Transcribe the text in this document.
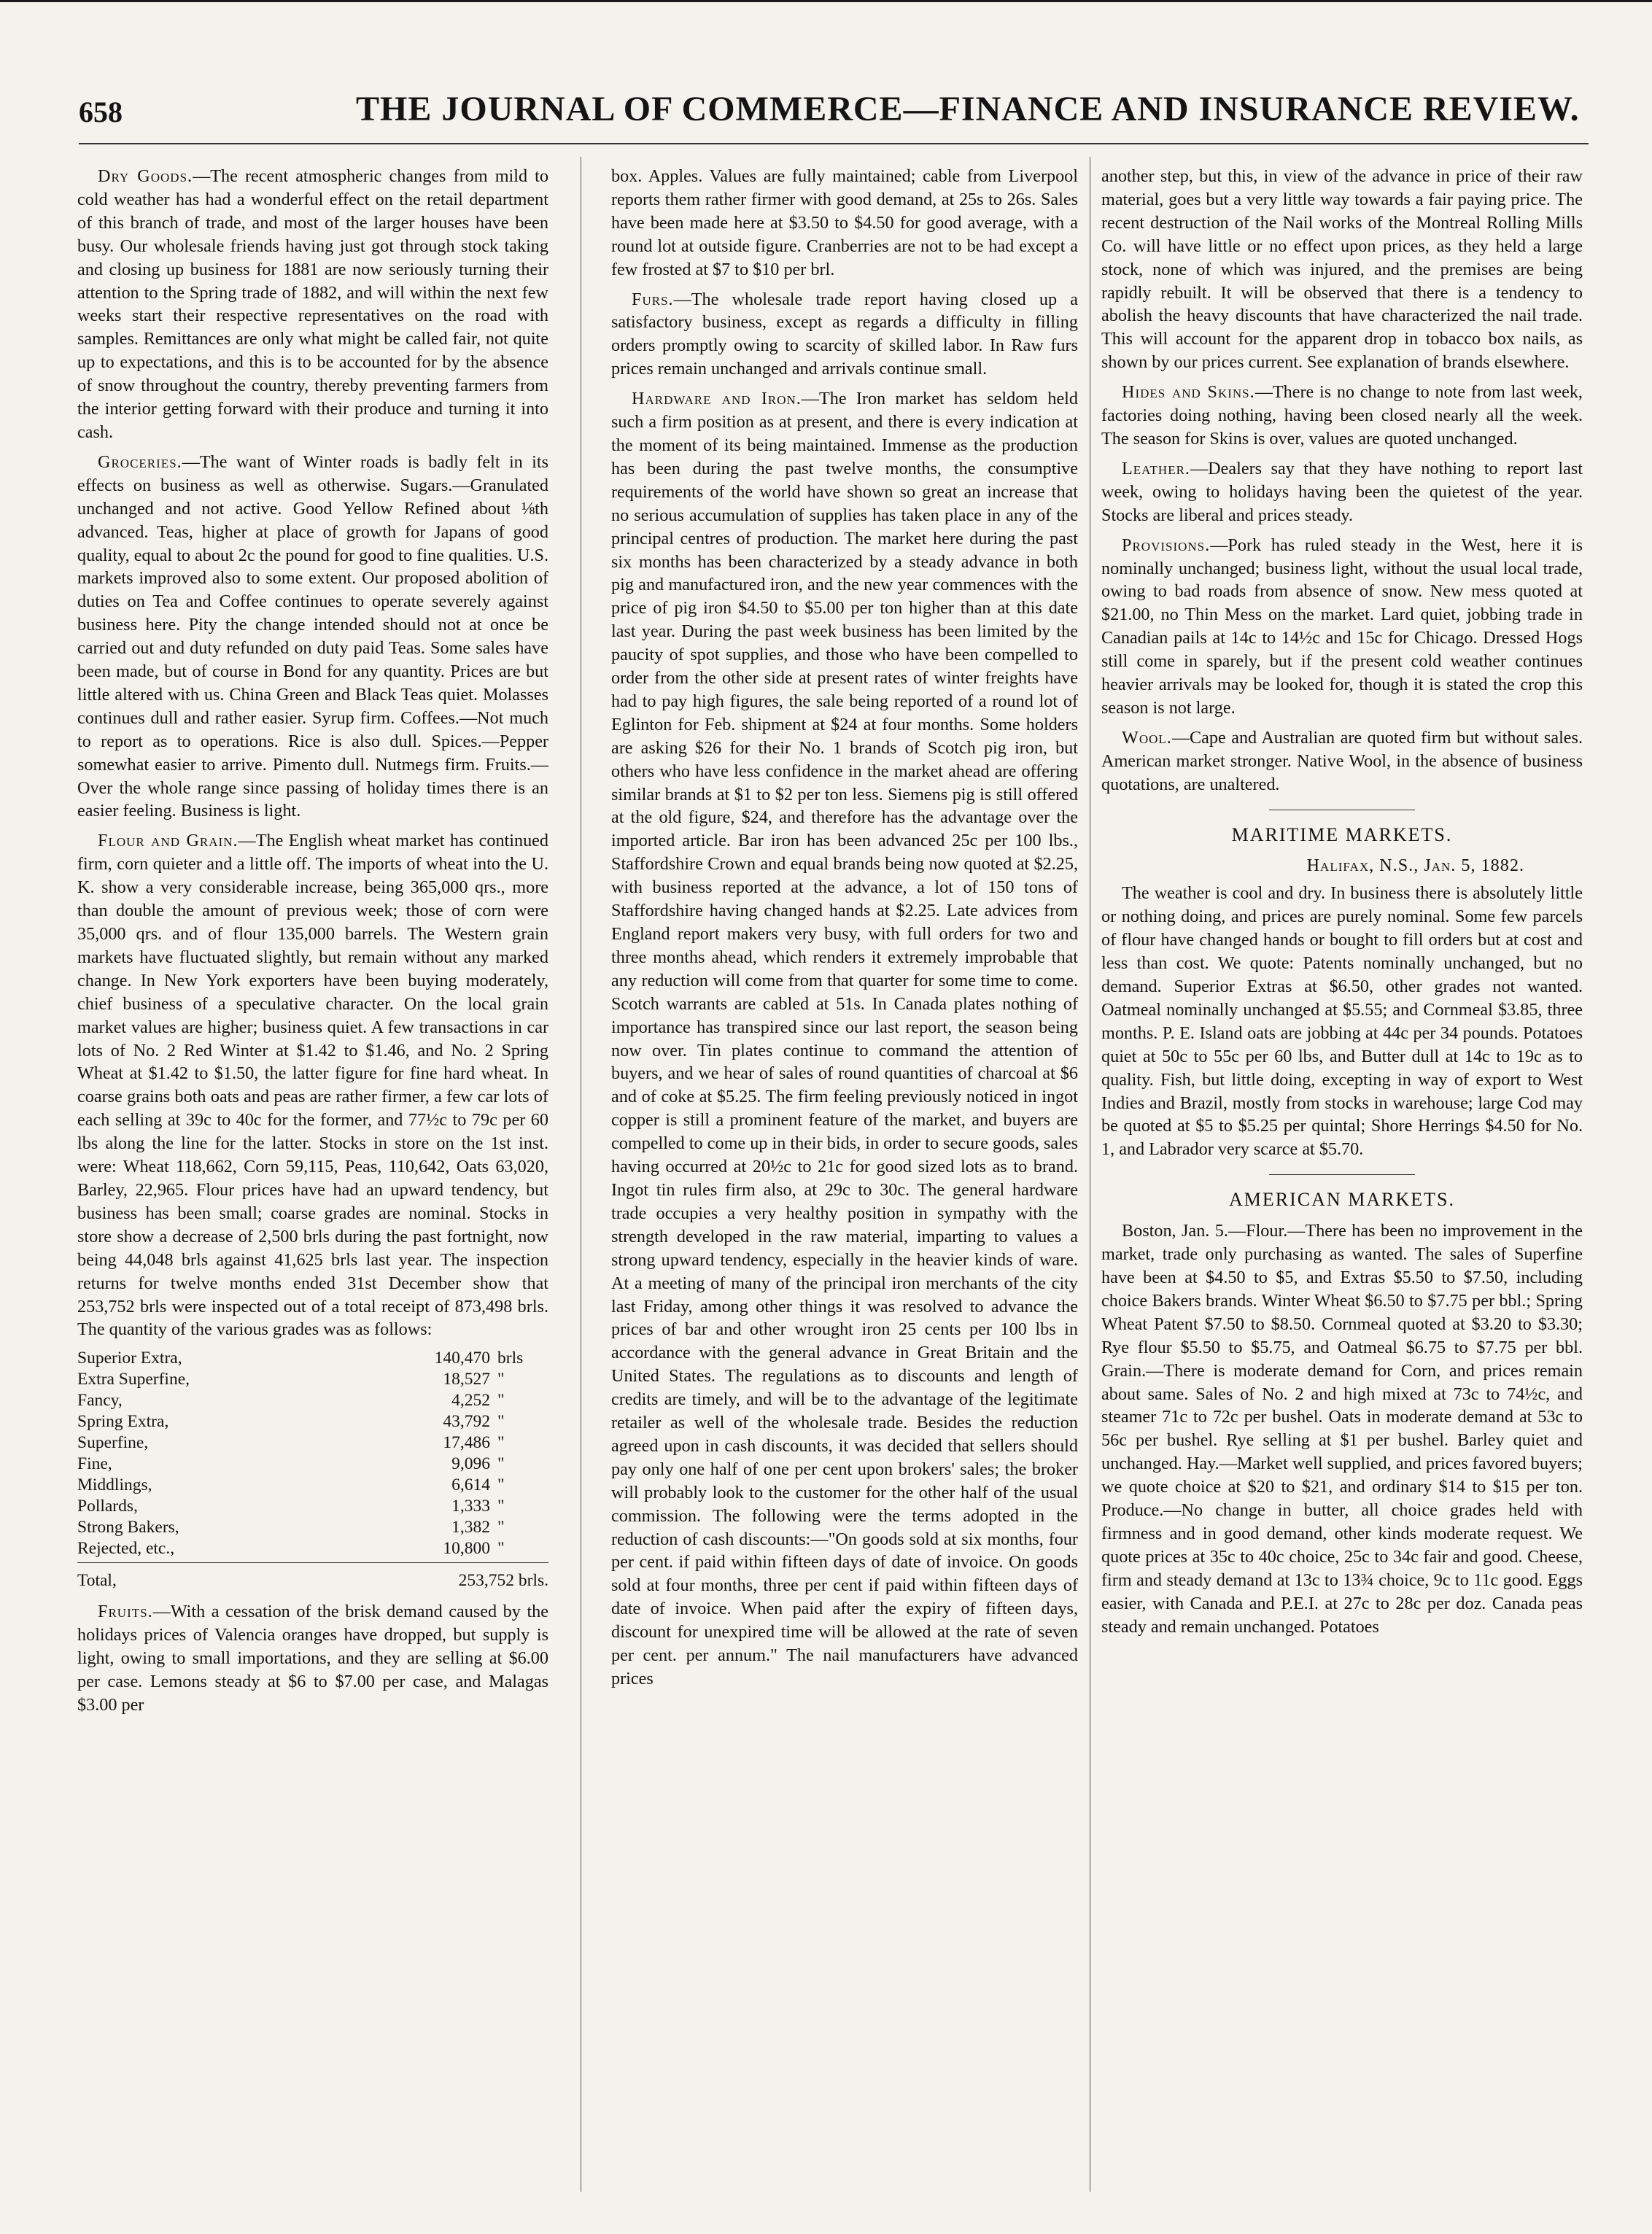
658	THE JOURNAL OF COMMERCE—FINANCE AND INSURANCE REVIEW.

Dry Goods.—The recent atmospheric changes from mild to cold weather has had a wonderful effect on the retail department of this branch of trade, and most of the larger houses have been busy. Our wholesale friends having just got through stock taking and closing up business for 1881 are now seriously turning their attention to the Spring trade of 1882, and will within the next few weeks start their respective representatives on the road with samples. Remittances are only what might be called fair, not quite up to expectations, and this is to be accounted for by the absence of snow throughout the country, thereby preventing farmers from the interior getting forward with their produce and turning it into cash.

Groceries.—The want of Winter roads is badly felt in its effects on business as well as otherwise. Sugars.—Granulated unchanged and not active. Good Yellow Refined about ⅛th advanced. Teas, higher at place of growth for Japans of good quality, equal to about 2c the pound for good to fine qualities. U.S. markets improved also to some extent. Our proposed abolition of duties on Tea and Coffee continues to operate severely against business here. Pity the change intended should not at once be carried out and duty refunded on duty paid Teas. Some sales have been made, but of course in Bond for any quantity. Prices are but little altered with us. China Green and Black Teas quiet. Molasses continues dull and rather easier. Syrup firm. Coffees.—Not much to report as to operations. Rice is also dull. Spices.—Pepper somewhat easier to arrive. Pimento dull. Nutmegs firm. Fruits.—Over the whole range since passing of holiday times there is an easier feeling. Business is light.

Flour and Grain.—The English wheat market has continued firm, corn quieter and a little off. The imports of wheat into the U. K. show a very considerable increase, being 365,000 qrs., more than double the amount of previous week; those of corn were 35,000 qrs. and of flour 135,000 barrels. The Western grain markets have fluctuated slightly, but remain without any marked change. In New York exporters have been buying moderately, chief business of a speculative character. On the local grain market values are higher; business quiet. A few transactions in car lots of No. 2 Red Winter at $1.42 to $1.46, and No. 2 Spring Wheat at $1.42 to $1.50, the latter figure for fine hard wheat. In coarse grains both oats and peas are rather firmer, a few car lots of each selling at 39c to 40c for the former, and 77½c to 79c per 60 lbs along the line for the latter. Stocks in store on the 1st inst. were: Wheat 118,662, Corn 59,115, Peas, 110,642, Oats 63,020, Barley, 22,965. Flour prices have had an upward tendency, but business has been small; coarse grades are nominal. Stocks in store show a decrease of 2,500 brls during the past fortnight, now being 44,048 brls against 41,625 brls last year. The inspection returns for twelve months ended 31st December show that 253,752 brls were inspected out of a total receipt of 873,498 brls. The quantity of the various grades was as follows:

Superior Extra,	140,470 brls
Extra Superfine,	18,527 "
Fancy,	4,252 "
Spring Extra,	43,792 "
Superfine,	17,486 "
Fine,	9,096 "
Middlings,	6,614 "
Pollards,	1,333 "
Strong Bakers,	1,382 "
Rejected, etc.,	10,800 "
Total,	253,752 brls.

Fruits.—With a cessation of the brisk demand caused by the holidays prices of Valencia oranges have dropped, but supply is light, owing to small importations, and they are selling at $6.00 per case. Lemons steady at $6 to $7.00 per case, and Malagas $3.00 per

box. Apples. Values are fully maintained; cable from Liverpool reports them rather firmer with good demand, at 25s to 26s. Sales have been made here at $3.50 to $4.50 for good average, with a round lot at outside figure. Cranberries are not to be had except a few frosted at $7 to $10 per brl.

Furs.—The wholesale trade report having closed up a satisfactory business, except as regards a difficulty in filling orders promptly owing to scarcity of skilled labor. In Raw furs prices remain unchanged and arrivals continue small.

Hardware and Iron.—The Iron market has seldom held such a firm position as at present, and there is every indication at the moment of its being maintained. Immense as the production has been during the past twelve months, the consumptive requirements of the world have shown so great an increase that no serious accumulation of supplies has taken place in any of the principal centres of production. The market here during the past six months has been characterized by a steady advance in both pig and manufactured iron, and the new year commences with the price of pig iron $4.50 to $5.00 per ton higher than at this date last year. During the past week business has been limited by the paucity of spot supplies, and those who have been compelled to order from the other side at present rates of winter freights have had to pay high figures, the sale being reported of a round lot of Eglinton for Feb. shipment at $24 at four months. Some holders are asking $26 for their No. 1 brands of Scotch pig iron, but others who have less confidence in the market ahead are offering similar brands at $1 to $2 per ton less. Siemens pig is still offered at the old figure, $24, and therefore has the advantage over the imported article. Bar iron has been advanced 25c per 100 lbs., Staffordshire Crown and equal brands being now quoted at $2.25, with business reported at the advance, a lot of 150 tons of Staffordshire having changed hands at $2.25. Late advices from England report makers very busy, with full orders for two and three months ahead, which renders it extremely improbable that any reduction will come from that quarter for some time to come. Scotch warrants are cabled at 51s. In Canada plates nothing of importance has transpired since our last report, the season being now over. Tin plates continue to command the attention of buyers, and we hear of sales of round quantities of charcoal at $6 and of coke at $5.25. The firm feeling previously noticed in ingot copper is still a prominent feature of the market, and buyers are compelled to come up in their bids, in order to secure goods, sales having occurred at 20½c to 21c for good sized lots as to brand. Ingot tin rules firm also, at 29c to 30c. The general hardware trade occupies a very healthy position in sympathy with the strength developed in the raw material, imparting to values a strong upward tendency, especially in the heavier kinds of ware. At a meeting of many of the principal iron merchants of the city last Friday, among other things it was resolved to advance the prices of bar and other wrought iron 25 cents per 100 lbs in accordance with the general advance in Great Britain and the United States. The regulations as to discounts and length of credits are timely, and will be to the advantage of the legitimate retailer as well of the wholesale trade. Besides the reduction agreed upon in cash discounts, it was decided that sellers should pay only one half of one per cent upon brokers' sales; the broker will probably look to the customer for the other half of the usual commission. The following were the terms adopted in the reduction of cash discounts:—"On goods sold at six months, four per cent. if paid within fifteen days of date of invoice. On goods sold at four months, three per cent if paid within fifteen days of date of invoice. When paid after the expiry of fifteen days, discount for unexpired time will be allowed at the rate of seven per cent. per annum." The nail manufacturers have advanced prices

another step, but this, in view of the advance in price of their raw material, goes but a very little way towards a fair paying price. The recent destruction of the Nail works of the Montreal Rolling Mills Co. will have little or no effect upon prices, as they held a large stock, none of which was injured, and the premises are being rapidly rebuilt. It will be observed that there is a tendency to abolish the heavy discounts that have characterized the nail trade. This will account for the apparent drop in tobacco box nails, as shown by our prices current. See explanation of brands elsewhere.

Hides and Skins.—There is no change to note from last week, factories doing nothing, having been closed nearly all the week. The season for Skins is over, values are quoted unchanged.

Leather.—Dealers say that they have nothing to report last week, owing to holidays having been the quietest of the year. Stocks are liberal and prices steady.

Provisions.—Pork has ruled steady in the West, here it is nominally unchanged; business light, without the usual local trade, owing to bad roads from absence of snow. New mess quoted at $21.00, no Thin Mess on the market. Lard quiet, jobbing trade in Canadian pails at 14c to 14½c and 15c for Chicago. Dressed Hogs still come in sparely, but if the present cold weather continues heavier arrivals may be looked for, though it is stated the crop this season is not large.

Wool.—Cape and Australian are quoted firm but without sales. American market stronger. Native Wool, in the absence of business quotations, are unaltered.

MARITIME MARKETS.
Halifax, N.S., Jan. 5, 1882.

The weather is cool and dry. In business there is absolutely little or nothing doing, and prices are purely nominal. Some few parcels of flour have changed hands or bought to fill orders but at cost and less than cost. We quote: Patents nominally unchanged, but no demand. Superior Extras at $6.50, other grades not wanted. Oatmeal nominally unchanged at $5.55; and Cornmeal $3.85, three months. P. E. Island oats are jobbing at 44c per 34 pounds. Potatoes quiet at 50c to 55c per 60 lbs, and Butter dull at 14c to 19c as to quality. Fish, but little doing, excepting in way of export to West Indies and Brazil, mostly from stocks in warehouse; large Cod may be quoted at $5 to $5.25 per quintal; Shore Herrings $4.50 for No. 1, and Labrador very scarce at $5.70.

AMERICAN MARKETS.

Boston, Jan. 5.—Flour.—There has been no improvement in the market, trade only purchasing as wanted. The sales of Superfine have been at $4.50 to $5, and Extras $5.50 to $7.50, including choice Bakers brands. Winter Wheat $6.50 to $7.75 per bbl.; Spring Wheat Patent $7.50 to $8.50. Cornmeal quoted at $3.20 to $3.30; Rye flour $5.50 to $5.75, and Oatmeal $6.75 to $7.75 per bbl. Grain.—There is moderate demand for Corn, and prices remain about same. Sales of No. 2 and high mixed at 73c to 74½c, and steamer 71c to 72c per bushel. Oats in moderate demand at 53c to 56c per bushel. Rye selling at $1 per bushel. Barley quiet and unchanged. Hay.—Market well supplied, and prices favored buyers; we quote choice at $20 to $21, and ordinary $14 to $15 per ton. Produce.—No change in butter, all choice grades held with firmness and in good demand, other kinds moderate request. We quote prices at 35c to 40c choice, 25c to 34c fair and good. Cheese, firm and steady demand at 13c to 13¾ choice, 9c to 11c good. Eggs easier, with Canada and P.E.I. at 27c to 28c per doz. Canada peas steady and remain unchanged. Potatoes
